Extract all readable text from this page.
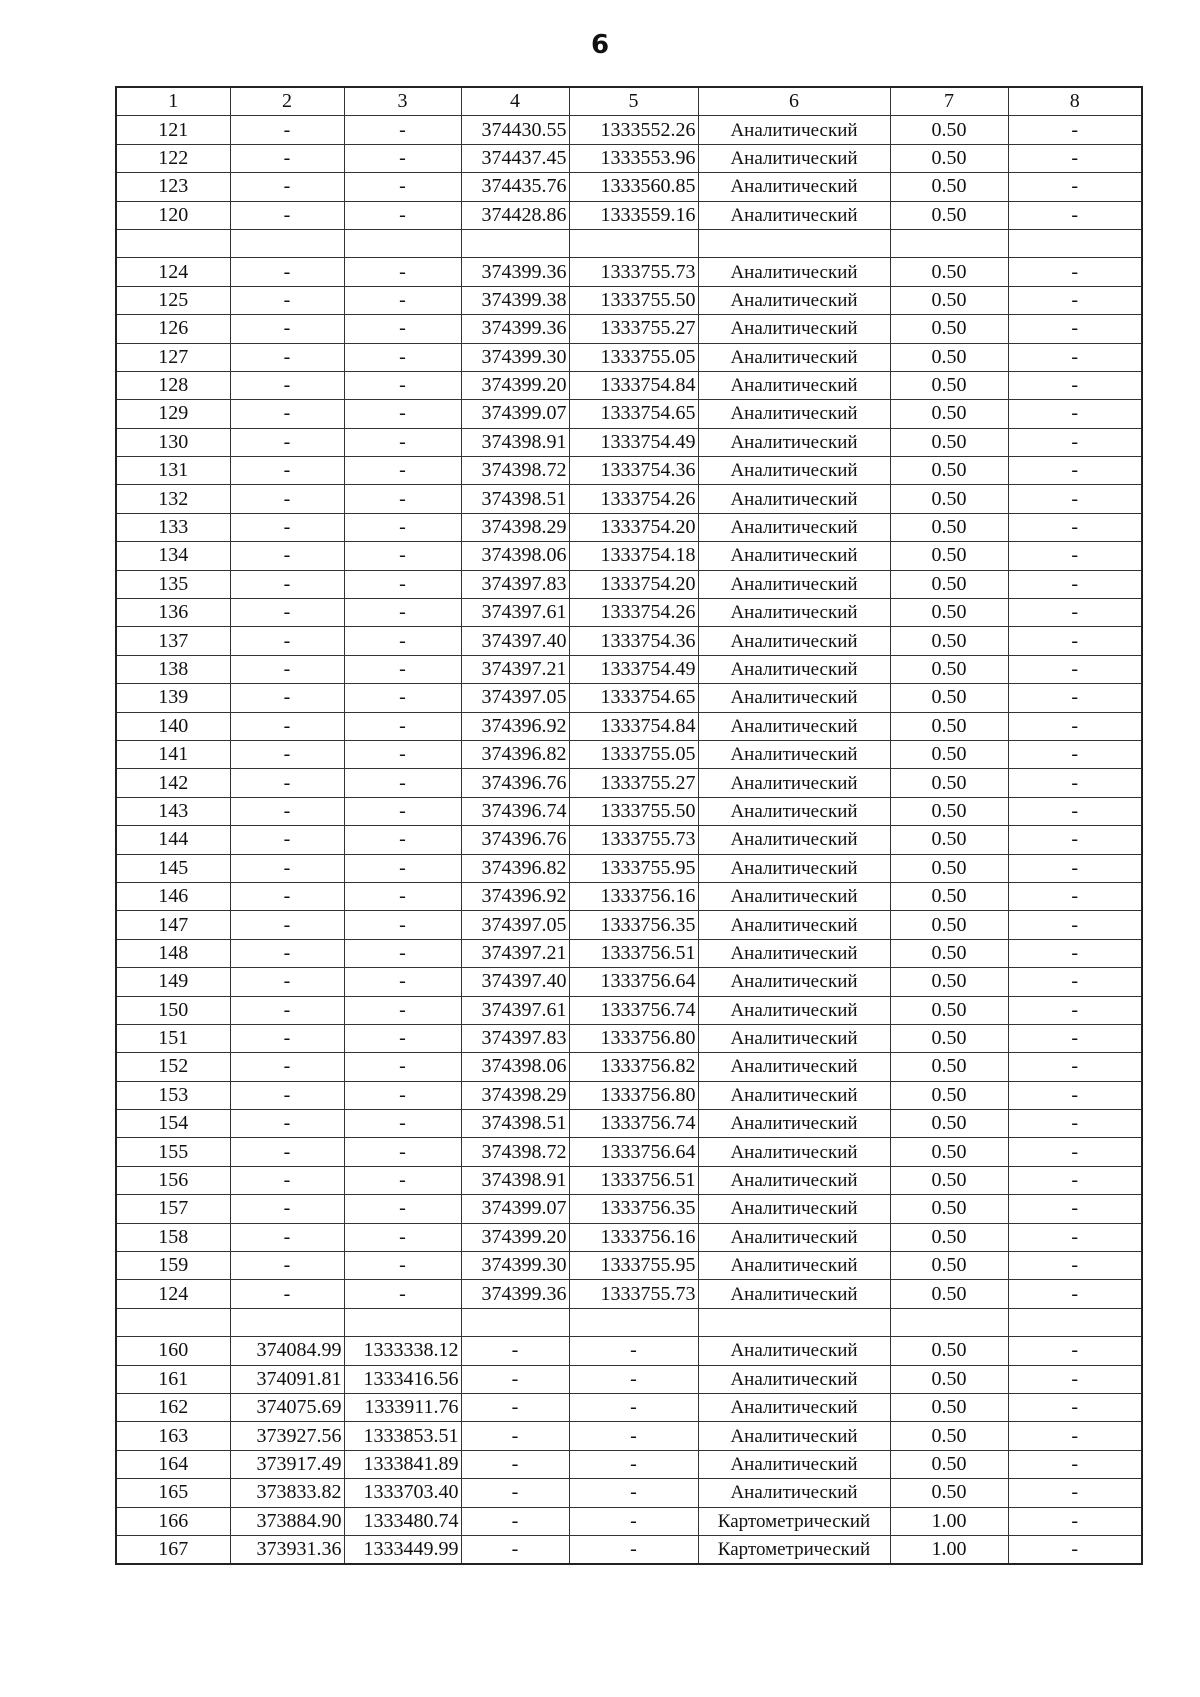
6
1	2	3	4	5	6	7	8
121	-	-	374430.55	1333552.26	Аналитический	0.50	-
122	-	-	374437.45	1333553.96	Аналитический	0.50	-
123	-	-	374435.76	1333560.85	Аналитический	0.50	-
120	-	-	374428.86	1333559.16	Аналитический	0.50	-

124	-	-	374399.36	1333755.73	Аналитический	0.50	-
125	-	-	374399.38	1333755.50	Аналитический	0.50	-
126	-	-	374399.36	1333755.27	Аналитический	0.50	-
127	-	-	374399.30	1333755.05	Аналитический	0.50	-
128	-	-	374399.20	1333754.84	Аналитический	0.50	-
129	-	-	374399.07	1333754.65	Аналитический	0.50	-
130	-	-	374398.91	1333754.49	Аналитический	0.50	-
131	-	-	374398.72	1333754.36	Аналитический	0.50	-
132	-	-	374398.51	1333754.26	Аналитический	0.50	-
133	-	-	374398.29	1333754.20	Аналитический	0.50	-
134	-	-	374398.06	1333754.18	Аналитический	0.50	-
135	-	-	374397.83	1333754.20	Аналитический	0.50	-
136	-	-	374397.61	1333754.26	Аналитический	0.50	-
137	-	-	374397.40	1333754.36	Аналитический	0.50	-
138	-	-	374397.21	1333754.49	Аналитический	0.50	-
139	-	-	374397.05	1333754.65	Аналитический	0.50	-
140	-	-	374396.92	1333754.84	Аналитический	0.50	-
141	-	-	374396.82	1333755.05	Аналитический	0.50	-
142	-	-	374396.76	1333755.27	Аналитический	0.50	-
143	-	-	374396.74	1333755.50	Аналитический	0.50	-
144	-	-	374396.76	1333755.73	Аналитический	0.50	-
145	-	-	374396.82	1333755.95	Аналитический	0.50	-
146	-	-	374396.92	1333756.16	Аналитический	0.50	-
147	-	-	374397.05	1333756.35	Аналитический	0.50	-
148	-	-	374397.21	1333756.51	Аналитический	0.50	-
149	-	-	374397.40	1333756.64	Аналитический	0.50	-
150	-	-	374397.61	1333756.74	Аналитический	0.50	-
151	-	-	374397.83	1333756.80	Аналитический	0.50	-
152	-	-	374398.06	1333756.82	Аналитический	0.50	-
153	-	-	374398.29	1333756.80	Аналитический	0.50	-
154	-	-	374398.51	1333756.74	Аналитический	0.50	-
155	-	-	374398.72	1333756.64	Аналитический	0.50	-
156	-	-	374398.91	1333756.51	Аналитический	0.50	-
157	-	-	374399.07	1333756.35	Аналитический	0.50	-
158	-	-	374399.20	1333756.16	Аналитический	0.50	-
159	-	-	374399.30	1333755.95	Аналитический	0.50	-
124	-	-	374399.36	1333755.73	Аналитический	0.50	-

160	374084.99	1333338.12	-	-	Аналитический	0.50	-
161	374091.81	1333416.56	-	-	Аналитический	0.50	-
162	374075.69	1333911.76	-	-	Аналитический	0.50	-
163	373927.56	1333853.51	-	-	Аналитический	0.50	-
164	373917.49	1333841.89	-	-	Аналитический	0.50	-
165	373833.82	1333703.40	-	-	Аналитический	0.50	-
166	373884.90	1333480.74	-	-	Картометрический	1.00	-
167	373931.36	1333449.99	-	-	Картометрический	1.00	-
